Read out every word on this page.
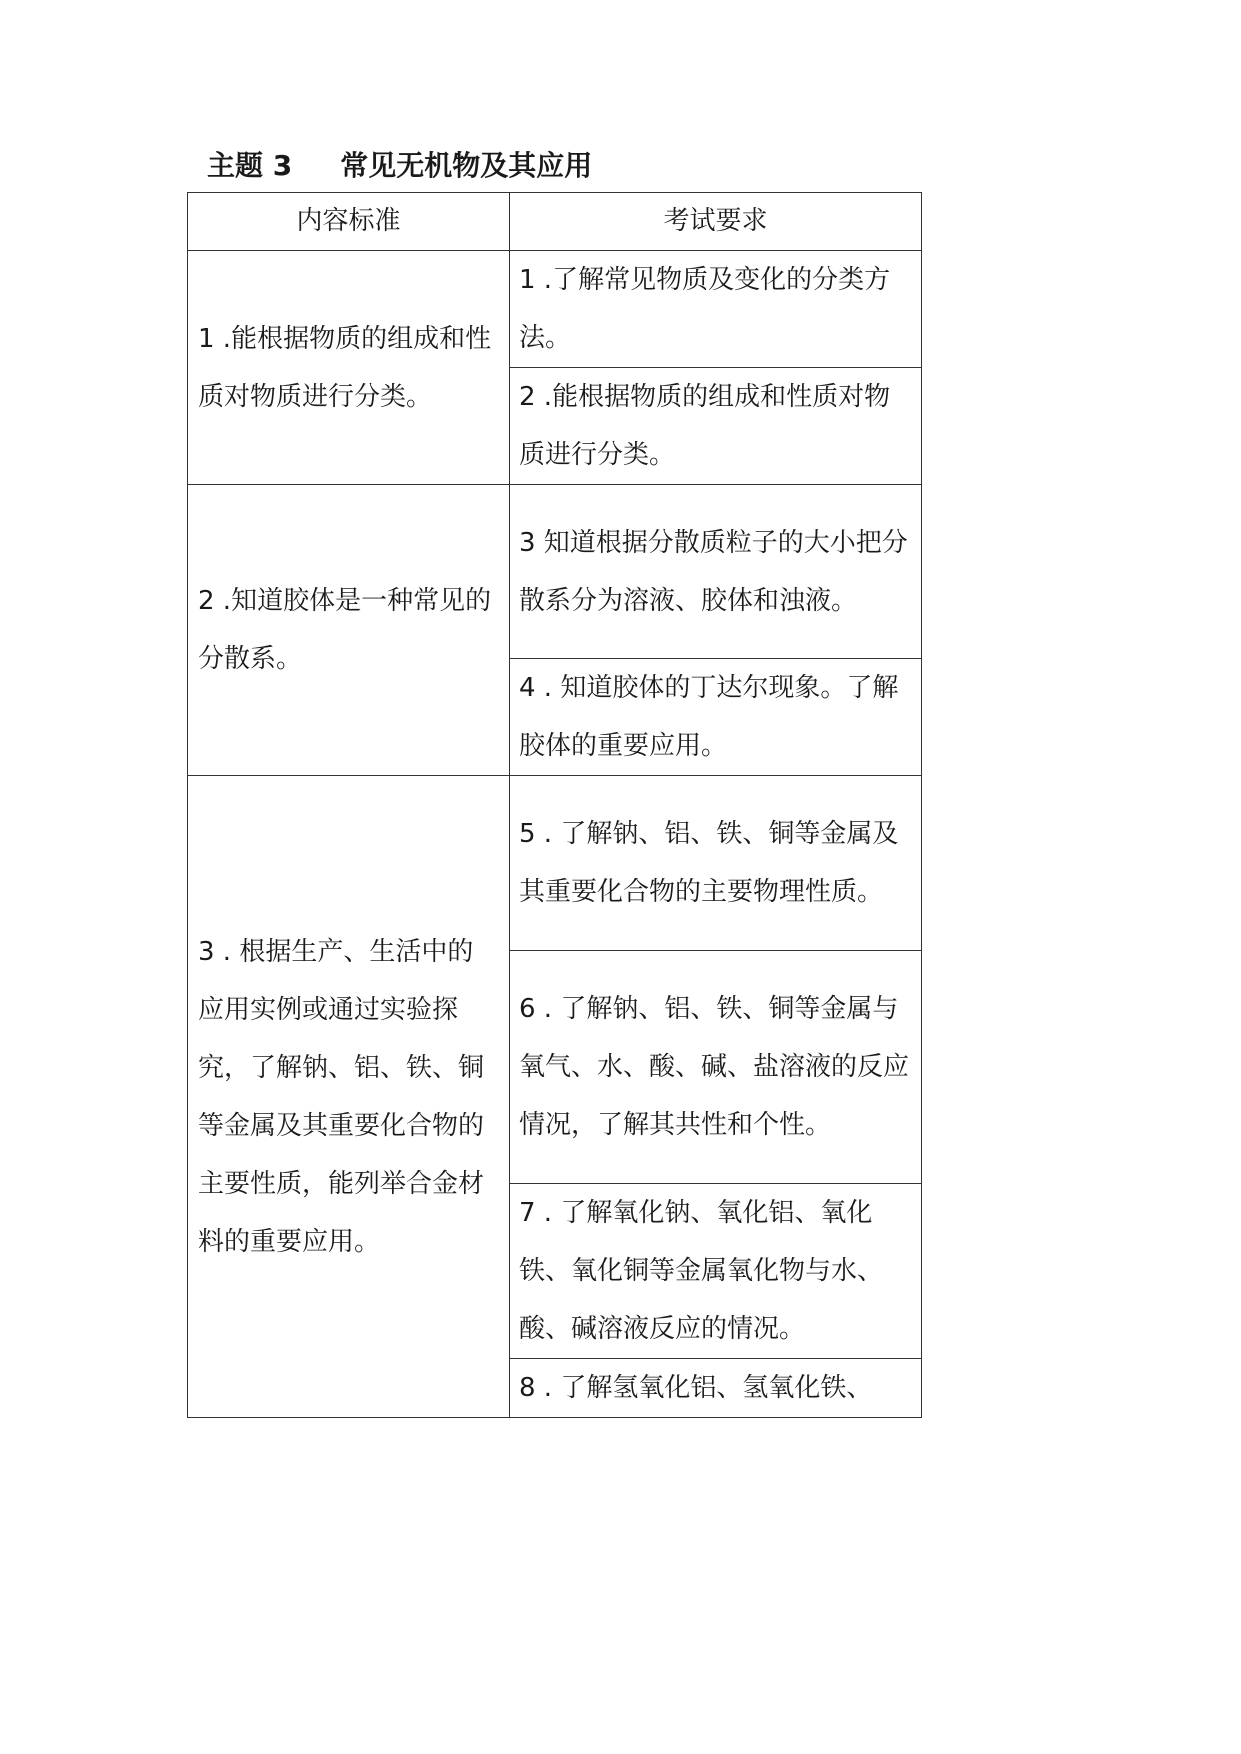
主题 3 常见无机物及其应用
内容标准	考试要求

1 .能根据物质的组成和性质对物质进行分类。	1 .了解常见物质及变化的分类方法。

	2 .能根据物质的组成和性质对物质进行分类。

2 .知道胶体是一种常见的分散系。	3 知道根据分散质粒子的大小把分散系分为溶液、胶体和浊液。

	4 . 知道胶体的丁达尔现象。了解胶体的重要应用。

3 . 根据生产、生活中的应用实例或通过实验探究，了解钠、铝、铁、铜等金属及其重要化合物的主要性质，能列举合金材料的重要应用。	5 . 了解钠、铝、铁、铜等金属及其重要化合物的主要物理性质。

	6 . 了解钠、铝、铁、铜等金属与氧气、水、酸、碱、盐溶液的反应情况，了解其共性和个性。

	7 . 了解氧化钠、氧化铝、氧化铁、氧化铜等金属氧化物与水、酸、碱溶液反应的情况。

	8 . 了解氢氧化铝、氢氧化铁、
